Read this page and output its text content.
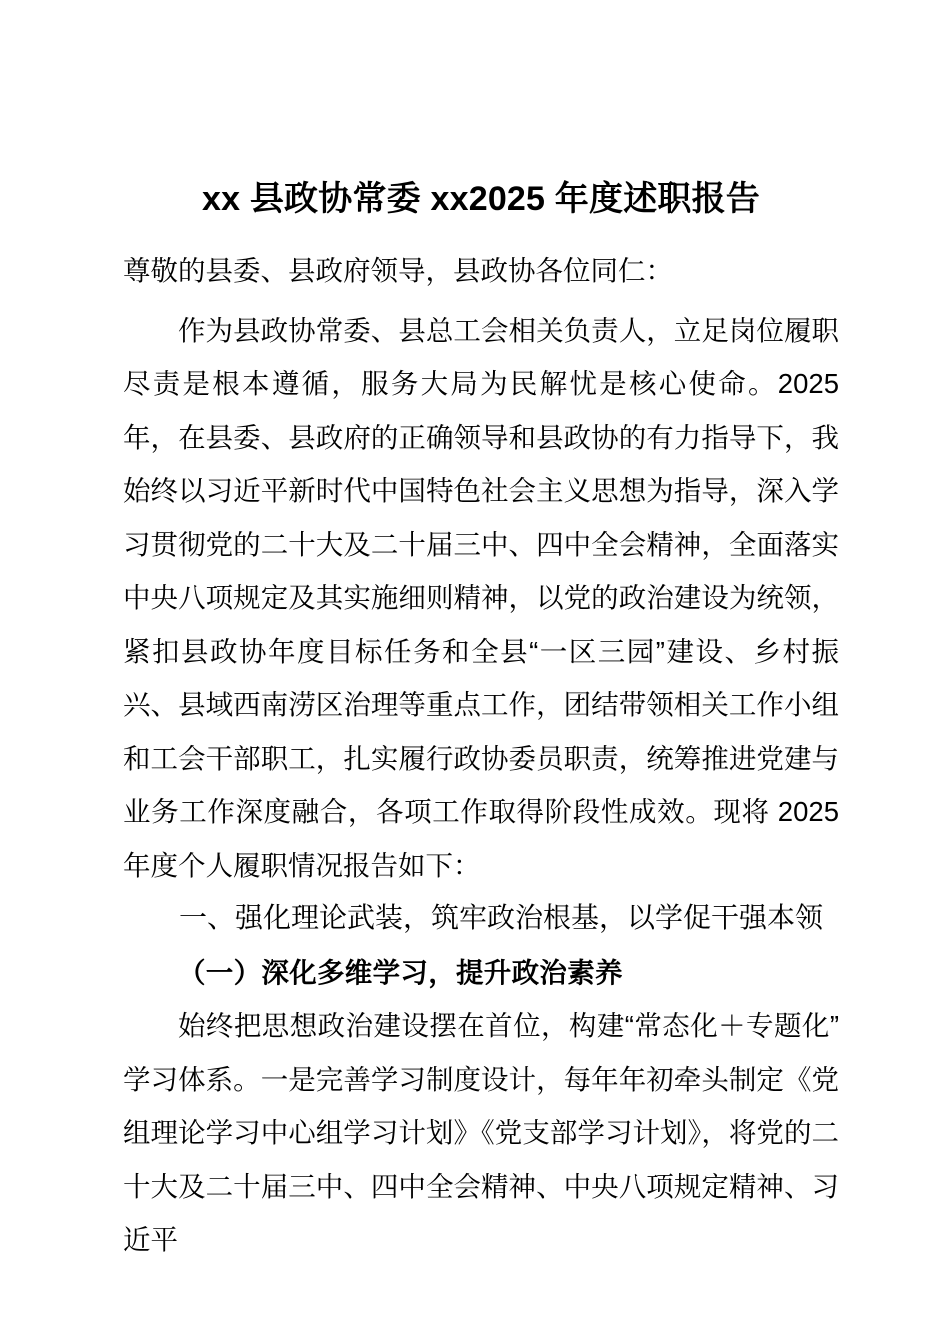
xx 县政协常委 xx2025 年度述职报告

尊敬的县委、县政府领导，县政协各位同仁：

作为县政协常委、县总工会相关负责人，立足岗位履职尽责是根本遵循，服务大局为民解忧是核心使命。2025 年，在县委、县政府的正确领导和县政协的有力指导下，我始终以习近平新时代中国特色社会主义思想为指导，深入学习贯彻党的二十大及二十届三中、四中全会精神，全面落实中央八项规定及其实施细则精神，以党的政治建设为统领，紧扣县政协年度目标任务和全县“一区三园”建设、乡村振兴、县域西南涝区治理等重点工作，团结带领相关工作小组和工会干部职工，扎实履行政协委员职责，统筹推进党建与业务工作深度融合，各项工作取得阶段性成效。现将 2025 年度个人履职情况报告如下：

一、强化理论武装，筑牢政治根基，以学促干强本领

（一）深化多维学习，提升政治素养

始终把思想政治建设摆在首位，构建“常态化＋专题化”学习体系。一是完善学习制度设计，每年年初牵头制定《党组理论学习中心组学习计划》《党支部学习计划》，将党的二十大及二十届三中、四中全会精神、中央八项规定精神、习近平
